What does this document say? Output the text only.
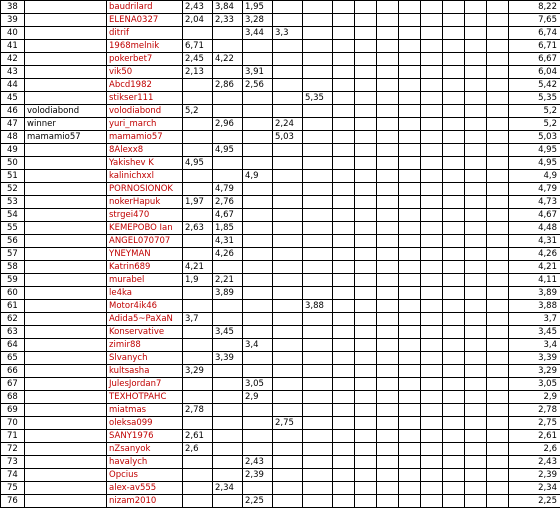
38		baudrilard	2,43	3,84	1,95											8,22
39		ELENA0327	2,04	2,33	3,28											7,65
40		ditrif			3,44	3,3										6,74
41		1968melnik	6,71													6,71
42		pokerbet7	2,45	4,22												6,67
43		vik50	2,13		3,91											6,04
44		Abcd1982		2,86	2,56											5,42
45		stikser111					5,35									5,35
46	volodiabond	volodiabond	5,2													5,2
47	winner	yuri_march		2,96		2,24										5,2
48	mamamio57	mamamio57				5,03										5,03
49		8Alexx8		4,95												4,95
50		Yakishev K	4,95													4,95
51		kalinichxxl			4,9											4,9
52		PORNOSIONOK		4,79												4,79
53		nokerHapuk	1,97	2,76												4,73
54		strgei470		4,67												4,67
55		KEMEPOBO Ian	2,63	1,85												4,48
56		ANGEL070707		4,31												4,31
57		YNEYMAN		4,26												4,26
58		Katrin689	4,21													4,21
59		murabel	1,9	2,21												4,11
60		le4ka		3,89												3,89
61		Motor4ik46					3,88									3,88
62		Adida5~PaXaN	3,7													3,7
63		Konservative		3,45												3,45
64		zimir88			3,4											3,4
65		Slvanych		3,39												3,39
66		kultsasha	3,29													3,29
67		JulesJordan7			3,05											3,05
68		TEXHOTPAHC			2,9											2,9
69		miatmas	2,78													2,78
70		oleksa099				2,75										2,75
71		SANY1976	2,61													2,61
72		nZsanyok	2,6													2,6
73		havalych			2,43											2,43
74		Opcius			2,39											2,39
75		alex-av555		2,34												2,34
76		nizam2010			2,25											2,25
